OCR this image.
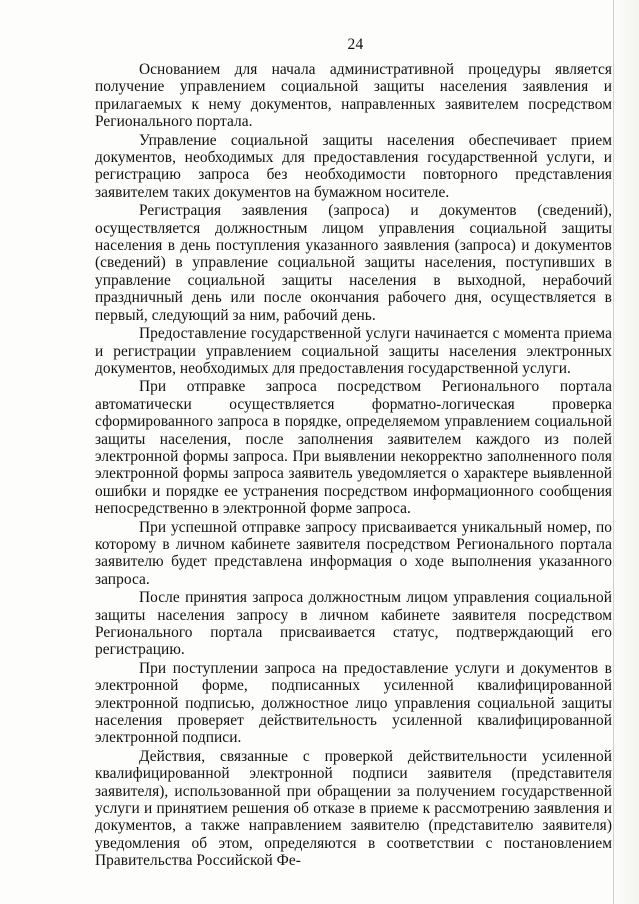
24

Основанием для начала административной процедуры является получение управлением социальной защиты населения заявления и прилагаемых к нему документов, направленных заявителем посредством Регионального портала.

Управление социальной защиты населения обеспечивает прием документов, необходимых для предоставления государственной услуги, и регистрацию запроса без необходимости повторного представления заявителем таких документов на бумажном носителе.

Регистрация заявления (запроса) и документов (сведений), осуществляется должностным лицом управления социальной защиты населения в день поступления указанного заявления (запроса) и документов (сведений) в управление социальной защиты населения, поступивших в управление социальной защиты населения в выходной, нерабочий праздничный день или после окончания рабочего дня, осуществляется в первый, следующий за ним, рабочий день.

Предоставление государственной услуги начинается с момента приема и регистрации управлением социальной защиты населения электронных документов, необходимых для предоставления государственной услуги.

При отправке запроса посредством Регионального портала автоматически осуществляется форматно-логическая проверка сформированного запроса в порядке, определяемом управлением социальной защиты населения, после заполнения заявителем каждого из полей электронной формы запроса. При выявлении некорректно заполненного поля электронной формы запроса заявитель уведомляется о характере выявленной ошибки и порядке ее устранения посредством информационного сообщения непосредственно в электронной форме запроса.

При успешной отправке запросу присваивается уникальный номер, по которому в личном кабинете заявителя посредством Регионального портала заявителю будет представлена информация о ходе выполнения указанного запроса.

После принятия запроса должностным лицом управления социальной защиты населения запросу в личном кабинете заявителя посредством Регионального портала присваивается статус, подтверждающий его регистрацию.

При поступлении запроса на предоставление услуги и документов в электронной форме, подписанных усиленной квалифицированной электронной подписью, должностное лицо управления социальной защиты населения проверяет действительность усиленной квалифицированной электронной подписи.

Действия, связанные с проверкой действительности усиленной квалифицированной электронной подписи заявителя (представителя заявителя), использованной при обращении за получением государственной услуги и принятием решения об отказе в приеме к рассмотрению заявления и документов, а также направлением заявителю (представителю заявителя) уведомления об этом, определяются в соответствии с постановлением Правительства Российской Фе-
